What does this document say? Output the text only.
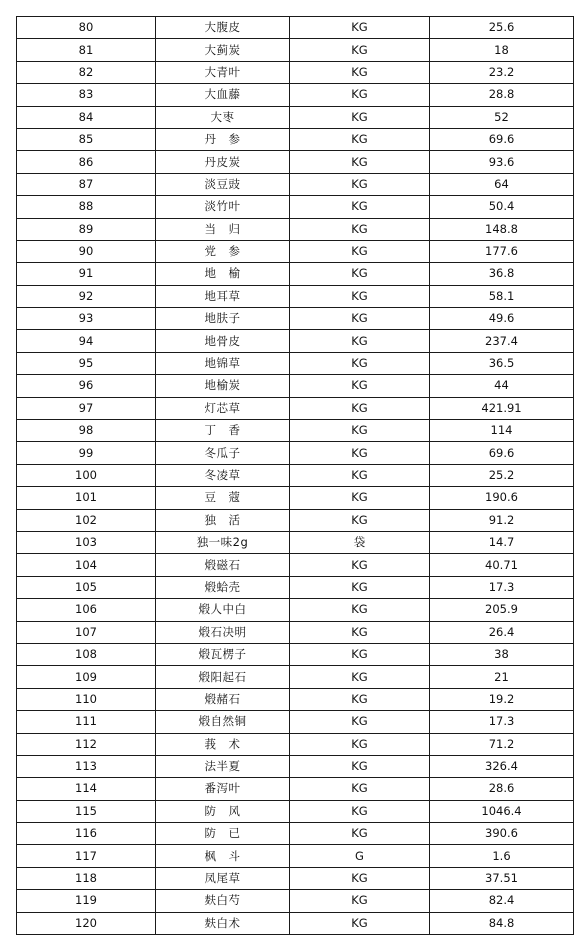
80	大腹皮	KG	25.6
81	大蓟炭	KG	18
82	大青叶	KG	23.2
83	大血藤	KG	28.8
84	大枣	KG	52
85	丹　参	KG	69.6
86	丹皮炭	KG	93.6
87	淡豆豉	KG	64
88	淡竹叶	KG	50.4
89	当　归	KG	148.8
90	党　参	KG	177.6
91	地　榆	KG	36.8
92	地耳草	KG	58.1
93	地肤子	KG	49.6
94	地骨皮	KG	237.4
95	地锦草	KG	36.5
96	地榆炭	KG	44
97	灯芯草	KG	421.91
98	丁　香	KG	114
99	冬瓜子	KG	69.6
100	冬凌草	KG	25.2
101	豆　蔻	KG	190.6
102	独　活	KG	91.2
103	独一味2g	袋	14.7
104	煅磁石	KG	40.71
105	煅蛤壳	KG	17.3
106	煅人中白	KG	205.9
107	煅石决明	KG	26.4
108	煅瓦楞子	KG	38
109	煅阳起石	KG	21
110	煅赭石	KG	19.2
111	煅自然铜	KG	17.3
112	莪　术	KG	71.2
113	法半夏	KG	326.4
114	番泻叶	KG	28.6
115	防　风	KG	1046.4
116	防　已	KG	390.6
117	枫　斗	G	1.6
118	凤尾草	KG	37.51
119	麸白芍	KG	82.4
120	麸白术	KG	84.8
